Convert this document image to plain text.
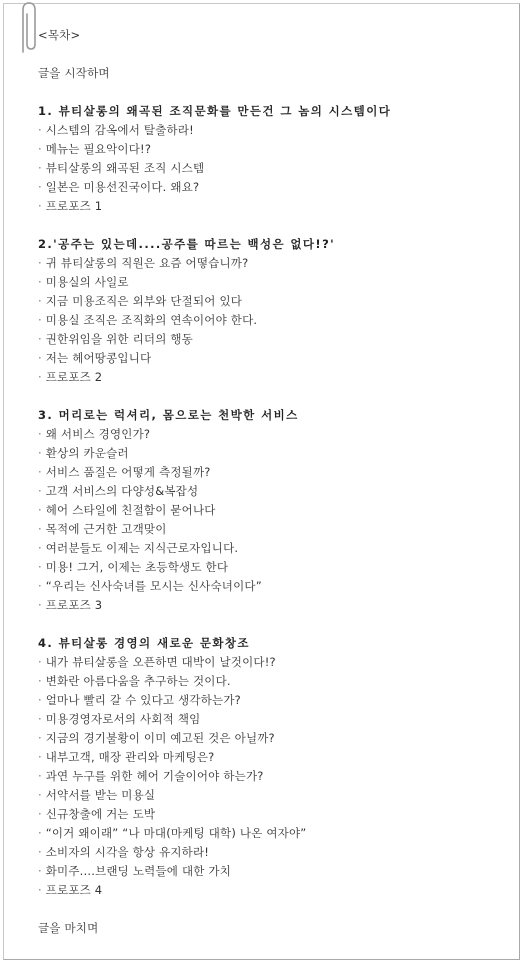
<목차>
글을 시작하며
1. 뷰티살롱의 왜곡된 조직문화를 만든건 그 놈의 시스템이다
· 시스템의 감옥에서 탈출하라!
· 메뉴는 필요악이다!?
· 뷰티살롱의 왜곡된 조직 시스템
· 일본은 미용선진국이다. 왜요?
· 프로포즈 1
2.'공주는 있는데....공주를 따르는 백성은 없다!?'
· 귀 뷰티살롱의 직원은 요즘 어떻습니까?
· 미용실의 사일로
· 지금 미용조직은 외부와 단절되어 있다
· 미용실 조직은 조직화의 연속이어야 한다.
· 권한위임을 위한 리더의 행동
· 저는 헤어땅콩입니다
· 프로포즈 2
3. 머리로는 럭셔리, 몸으로는 천박한 서비스
· 왜 서비스 경영인가?
· 환상의 카운슬러
· 서비스 품질은 어떻게 측정될까?
· 고객 서비스의 다양성&복잡성
· 헤어 스타일에 친절함이 묻어나다
· 목적에 근거한 고객맞이
· 여러분들도 이제는 지식근로자입니다.
· 미용! 그거, 이제는 초등학생도 한다
· “우리는 신사숙녀를 모시는 신사숙녀이다”
· 프로포즈 3
4. 뷰티살롱 경영의 새로운 문화창조
· 내가 뷰티살롱을 오픈하면 대박이 날것이다!?
· 변화란 아름다움을 추구하는 것이다.
· 얼마나 빨리 갈 수 있다고 생각하는가?
· 미용경영자로서의 사회적 책임
· 지금의 경기불황이 이미 예고된 것은 아닐까?
· 내부고객, 매장 관리와 마케팅은?
· 과연 누구를 위한 헤어 기술이어야 하는가?
· 서약서를 받는 미용실
· 신규창출에 거는 도박
· “이거 왜이래” “나 마대(마케팅 대학) 나온 여자야”
· 소비자의 시각을 항상 유지하라!
· 화미주....브랜딩 노력들에 대한 가치
· 프로포즈 4
글을 마치며
